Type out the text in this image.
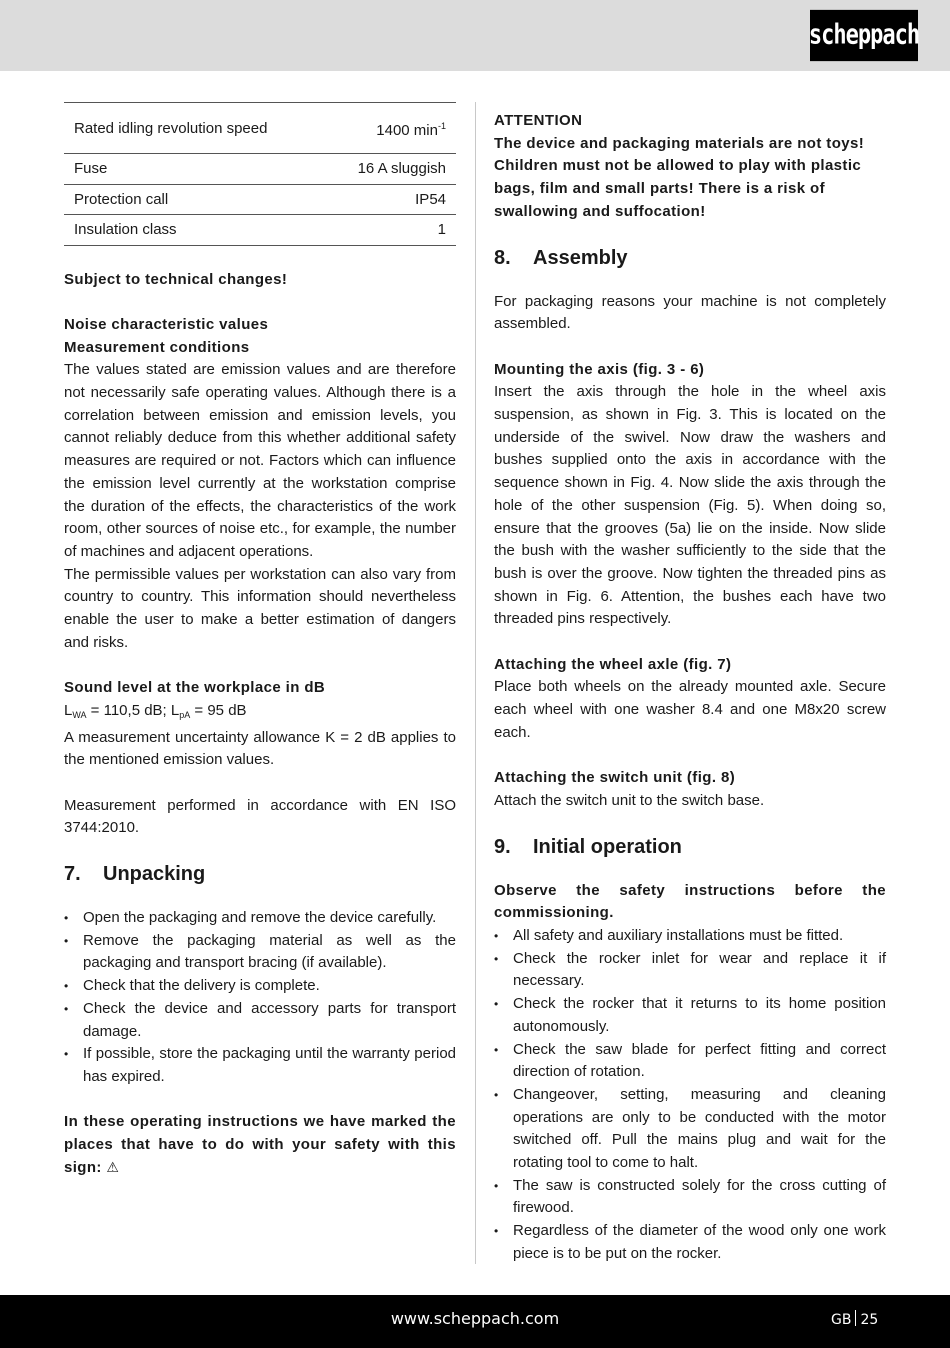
scheppach
Rated idling revolution speed	1400 $\min^{-1}$
Fuse	16 A sluggish
Protection call	IP54
Insulation class	1
Subject to technical changes!
Noise characteristic values
Measurement conditions
The values stated are emission values and are therefore not necessarily safe operating values. Although there is a correlation between emission and emission levels, you cannot reliably deduce from this whether additional safety measures are required or not. Factors which can influence the emission level currently at the workstation comprise the duration of the effects, the characteristics of the work room, other sources of noise etc., for example, the number of machines and adjacent operations.
The permissible values per workstation can also vary from country to country. This information should nevertheless enable the user to make a better estimation of dangers and risks.
Sound level at the workplace in dB
$L_{WA} = 110,5$ dB; $L_{pA} = 95$ dB
A measurement uncertainty allowance K = 2 dB applies to the mentioned emission values.
Measurement performed in accordance with EN ISO 3744:2010.
7.	Unpacking
• Open the packaging and remove the device carefully.
• Remove the packaging material as well as the packaging and transport bracing (if available).
• Check that the delivery is complete.
• Check the device and accessory parts for transport damage.
• If possible, store the packaging until the warranty period has expired.
In these operating instructions we have marked the places that have to do with your safety with this sign: ⚠
ATTENTION
The device and packaging materials are not toys! Children must not be allowed to play with plastic bags, film and small parts! There is a risk of swallowing and suffocation!
8.	Assembly
For packaging reasons your machine is not completely assembled.
Mounting the axis (fig. 3 - 6)
Insert the axis through the hole in the wheel axis suspension, as shown in Fig. 3. This is located on the underside of the swivel. Now draw the washers and bushes supplied onto the axis in accordance with the sequence shown in Fig. 4. Now slide the axis through the hole of the other suspension (Fig. 5). When doing so, ensure that the grooves (5a) lie on the inside. Now slide the bush with the washer sufficiently to the side that the bush is over the groove. Now tighten the threaded pins as shown in Fig. 6. Attention, the bushes each have two threaded pins respectively.
Attaching the wheel axle (fig. 7)
Place both wheels on the already mounted axle. Secure each wheel with one washer 8.4 and one M8x20 screw each.
Attaching the switch unit (fig. 8)
Attach the switch unit to the switch base.
9.	Initial operation
Observe the safety instructions before the commissioning.
• All safety and auxiliary installations must be fitted.
• Check the rocker inlet for wear and replace it if necessary.
• Check the rocker that it returns to its home position autonomously.
• Check the saw blade for perfect fitting and correct direction of rotation.
• Changeover, setting, measuring and cleaning operations are only to be conducted with the motor switched off. Pull the mains plug and wait for the rotating tool to come to halt.
• The saw is constructed solely for the cross cutting of firewood.
• Regardless of the diameter of the wood only one work piece is to be put on the rocker.
www.scheppach.com	GB 25
